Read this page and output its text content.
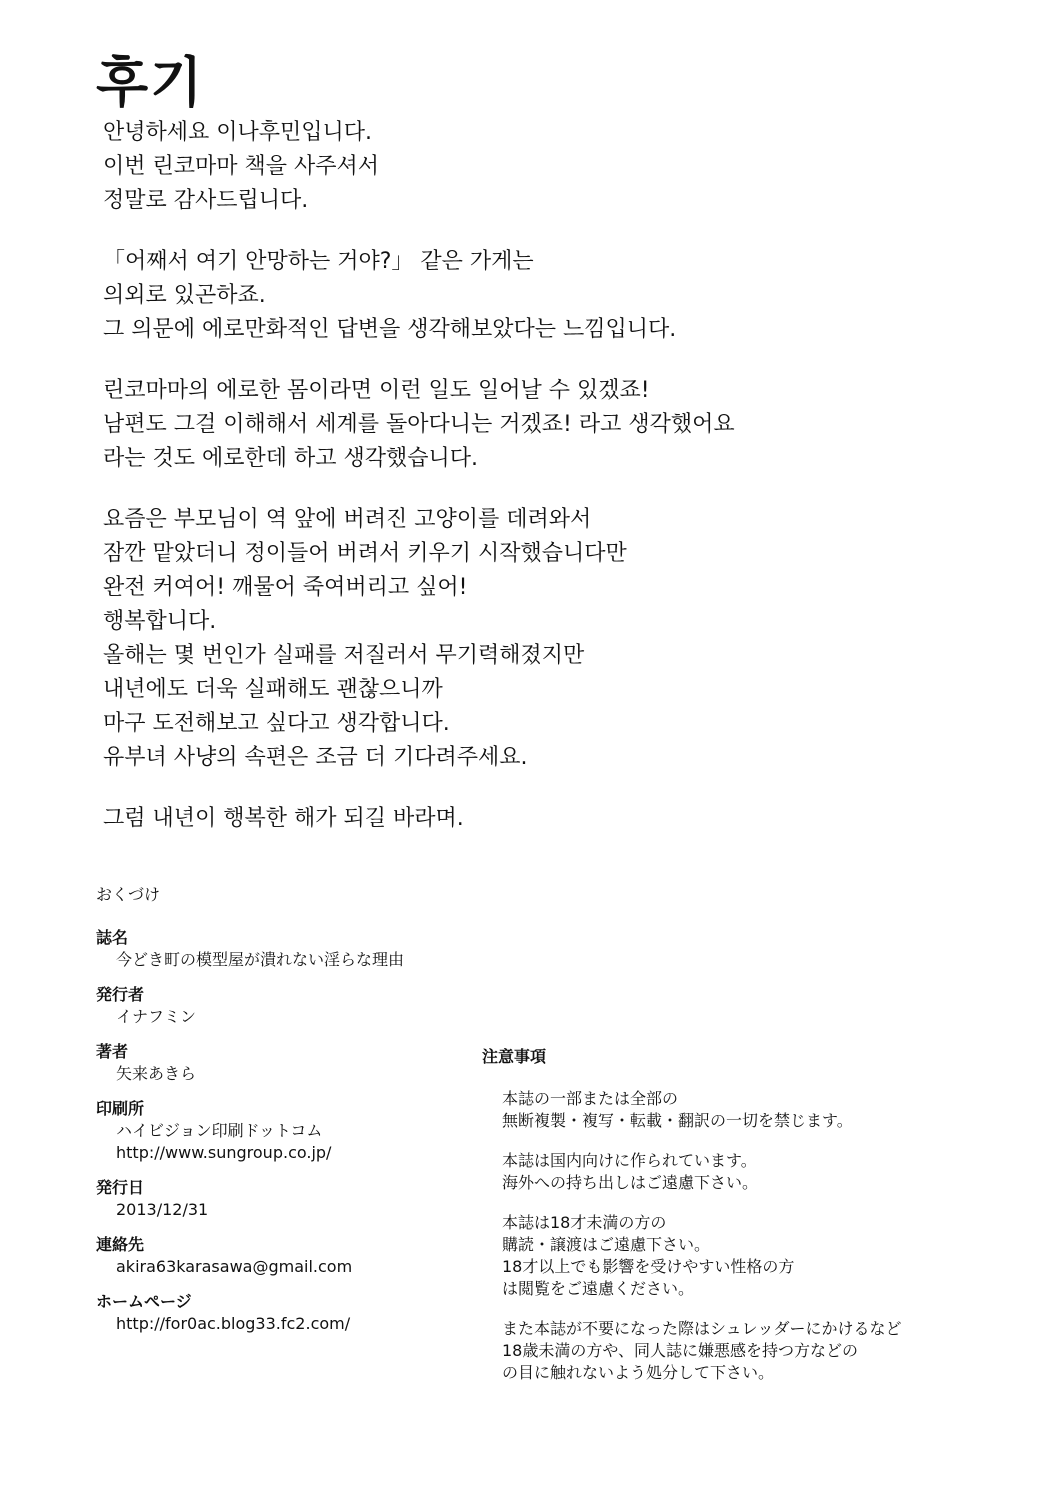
후기
안녕하세요 이나후민입니다.
이번 린코마마 책을 사주셔서
정말로 감사드립니다.
「어째서 여기 안망하는 거야?」 같은 가게는
의외로 있곤하죠.
그 의문에 에로만화적인 답변을 생각해보았다는 느낌입니다.
린코마마의 에로한 몸이라면 이런 일도 일어날 수 있겠죠!
남편도 그걸 이해해서 세계를 돌아다니는 거겠죠! 라고 생각했어요
라는 것도 에로한데 하고 생각했습니다.
요즘은 부모님이 역 앞에 버려진 고양이를 데려와서
잠깐 맡았더니 정이들어 버려서 키우기 시작했습니다만
완전 커여어! 깨물어 죽여버리고 싶어!
행복합니다.
올해는 몇 번인가 실패를 저질러서 무기력해졌지만
내년에도 더욱 실패해도 괜찮으니까
마구 도전해보고 싶다고 생각합니다.
유부녀 사냥의 속편은 조금 더 기다려주세요.
그럼 내년이 행복한 해가 되길 바라며.
おくづけ
誌名
今どき町の模型屋が潰れない淫らな理由
発行者
イナフミン
著者
矢来あきら
印刷所
ハイビジョン印刷ドットコム
http://www.sungroup.co.jp/
発行日
2013/12/31
連絡先
akira63karasawa@gmail.com
ホームページ
http://for0ac.blog33.fc2.com/
注意事項
本誌の一部または全部の
無断複製・複写・転載・翻訳の一切を禁じます。
本誌は国内向けに作られています。
海外への持ち出しはご遠慮下さい。
本誌は18才未満の方の
購読・譲渡はご遠慮下さい。
18才以上でも影響を受けやすい性格の方
は閲覧をご遠慮ください。
また本誌が不要になった際はシュレッダーにかけるなど
18歳未満の方や、同人誌に嫌悪感を持つ方などの
の目に触れないよう処分して下さい。
